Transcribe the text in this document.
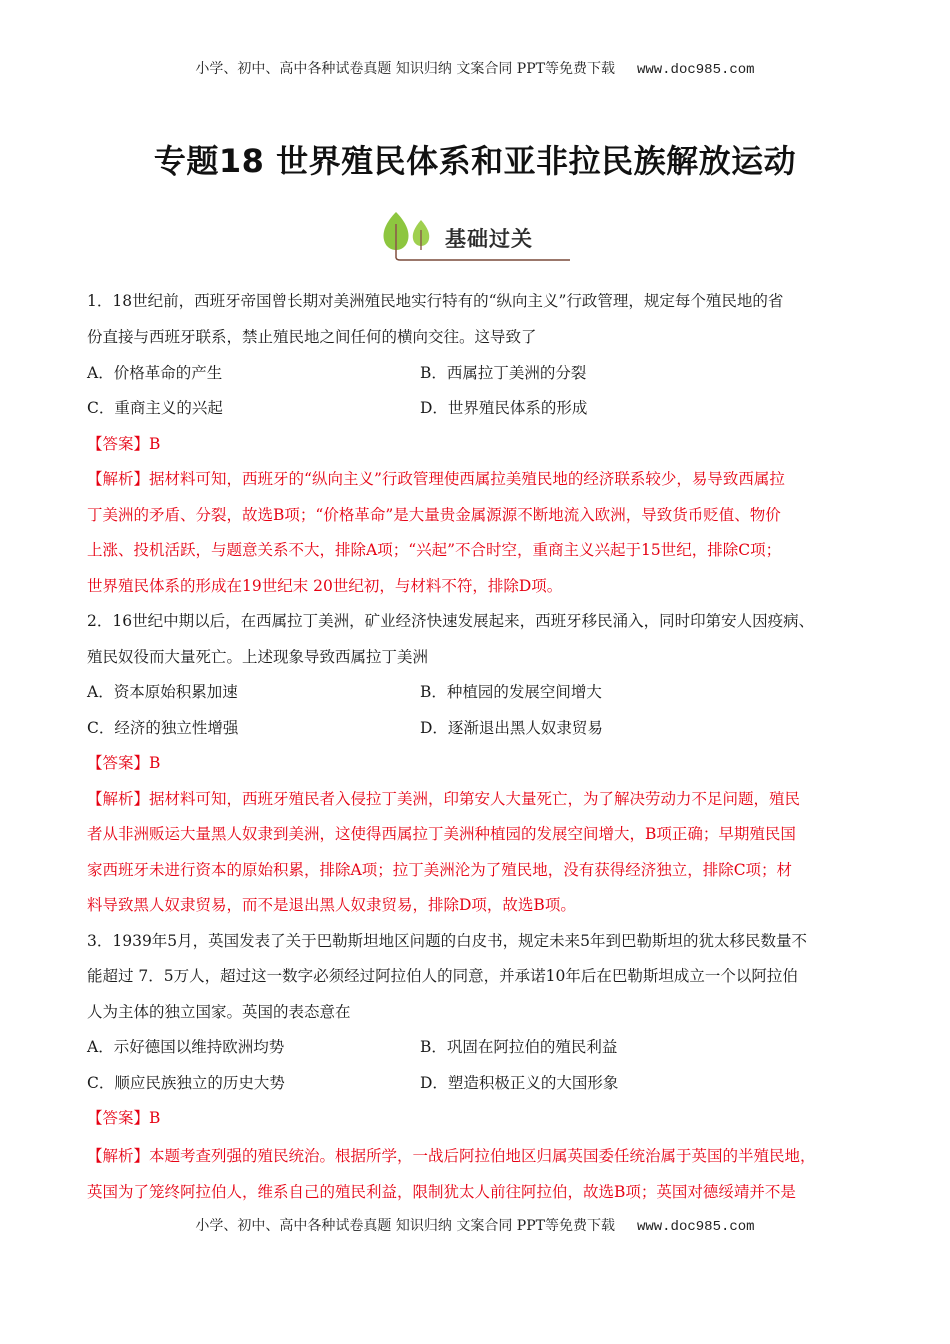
小学、初中、高中各种试卷真题 知识归纳 文案合同 PPT等免费下载 www.doc985.com
专题18 世界殖民体系和亚非拉民族解放运动
基础过关
1．18世纪前，西班牙帝国曾长期对美洲殖民地实行特有的“纵向主义”行政管理，规定每个殖民地的省
份直接与西班牙联系，禁止殖民地之间任何的横向交往。这导致了
A．价格革命的产生	B．西属拉丁美洲的分裂
C．重商主义的兴起	D．世界殖民体系的形成
【答案】B
【解析】据材料可知，西班牙的“纵向主义”行政管理使西属拉美殖民地的经济联系较少，易导致西属拉
丁美洲的矛盾、分裂，故选B项；“价格革命”是大量贵金属源源不断地流入欧洲，导致货币贬值、物价
上涨、投机活跃，与题意关系不大，排除A项；“兴起”不合时空，重商主义兴起于15世纪，排除C项；
世界殖民体系的形成在19世纪末 20世纪初，与材料不符，排除D项。
2．16世纪中期以后，在西属拉丁美洲，矿业经济快速发展起来，西班牙移民涌入，同时印第安人因疫病、
殖民奴役而大量死亡。上述现象导致西属拉丁美洲
A．资本原始积累加速	B．种植园的发展空间增大
C．经济的独立性增强	D．逐渐退出黑人奴隶贸易
【答案】B
【解析】据材料可知，西班牙殖民者入侵拉丁美洲，印第安人大量死亡，为了解决劳动力不足问题，殖民
者从非洲贩运大量黑人奴隶到美洲，这使得西属拉丁美洲种植园的发展空间增大，B项正确；早期殖民国
家西班牙未进行资本的原始积累，排除A项；拉丁美洲沦为了殖民地，没有获得经济独立，排除C项；材
料导致黑人奴隶贸易，而不是退出黑人奴隶贸易，排除D项，故选B项。
3．1939年5月，英国发表了关于巴勒斯坦地区问题的白皮书，规定未来5年到巴勒斯坦的犹太移民数量不
能超过 7．5万人，超过这一数字必须经过阿拉伯人的同意，并承诺10年后在巴勒斯坦成立一个以阿拉伯
人为主体的独立国家。英国的表态意在
A．示好德国以维持欧洲均势	B．巩固在阿拉伯的殖民利益
C．顺应民族独立的历史大势	D．塑造积极正义的大国形象
【答案】B
【解析】本题考查列强的殖民统治。根据所学，一战后阿拉伯地区归属英国委任统治属于英国的半殖民地，
英国为了笼终阿拉伯人，维系自己的殖民利益，限制犹太人前往阿拉伯，故选B项；英国对德绥靖并不是
小学、初中、高中各种试卷真题 知识归纳 文案合同 PPT等免费下载 www.doc985.com
